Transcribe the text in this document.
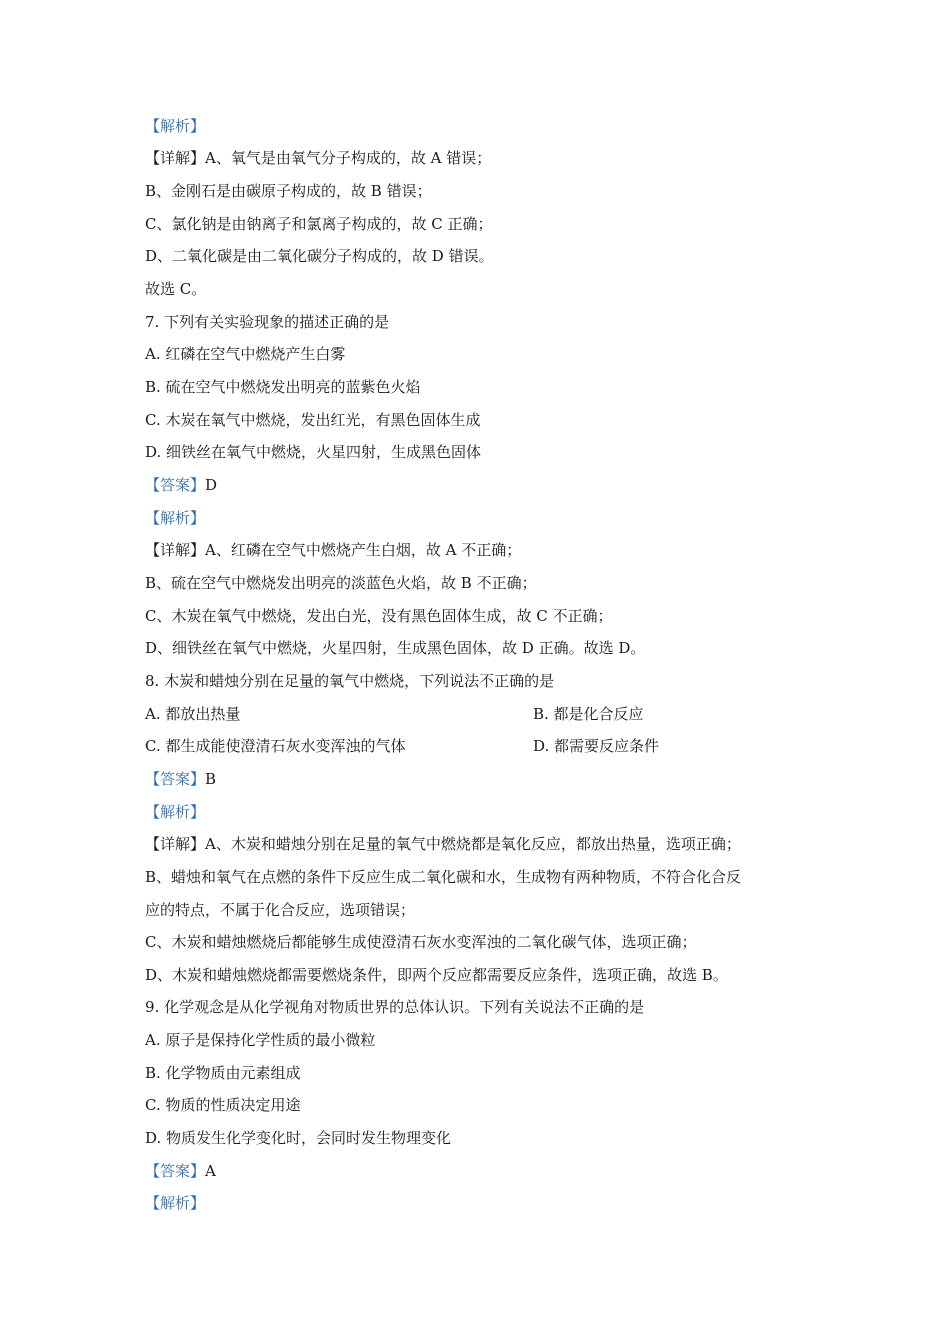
【解析】
【详解】A、氧气是由氧气分子构成的，故 A 错误；
B、金刚石是由碳原子构成的，故 B 错误；
C、氯化钠是由钠离子和氯离子构成的，故 C 正确；
D、二氧化碳是由二氧化碳分子构成的，故 D 错误。
故选 C。
7. 下列有关实验现象的描述正确的是
A. 红磷在空气中燃烧产生白雾
B. 硫在空气中燃烧发出明亮的蓝紫色火焰
C. 木炭在氧气中燃烧，发出红光，有黑色固体生成
D. 细铁丝在氧气中燃烧，火星四射，生成黑色固体
【答案】D
【解析】
【详解】A、红磷在空气中燃烧产生白烟，故 A 不正确；
B、硫在空气中燃烧发出明亮的淡蓝色火焰，故 B 不正确；
C、木炭在氧气中燃烧，发出白光，没有黑色固体生成，故 C 不正确；
D、细铁丝在氧气中燃烧，火星四射，生成黑色固体，故 D 正确。故选 D。
8. 木炭和蜡烛分别在足量的氧气中燃烧，下列说法不正确的是
A. 都放出热量	B. 都是化合反应
C. 都生成能使澄清石灰水变浑浊的气体	D. 都需要反应条件
【答案】B
【解析】
【详解】A、木炭和蜡烛分别在足量的氧气中燃烧都是氧化反应，都放出热量，选项正确；
B、蜡烛和氧气在点燃的条件下反应生成二氧化碳和水，生成物有两种物质，不符合化合反
应的特点，不属于化合反应，选项错误；
C、木炭和蜡烛燃烧后都能够生成使澄清石灰水变浑浊的二氧化碳气体，选项正确；
D、木炭和蜡烛燃烧都需要燃烧条件，即两个反应都需要反应条件，选项正确，故选 B。
9. 化学观念是从化学视角对物质世界的总体认识。下列有关说法不正确的是
A. 原子是保持化学性质的最小微粒
B. 化学物质由元素组成
C. 物质的性质决定用途
D. 物质发生化学变化时，会同时发生物理变化
【答案】A
【解析】
